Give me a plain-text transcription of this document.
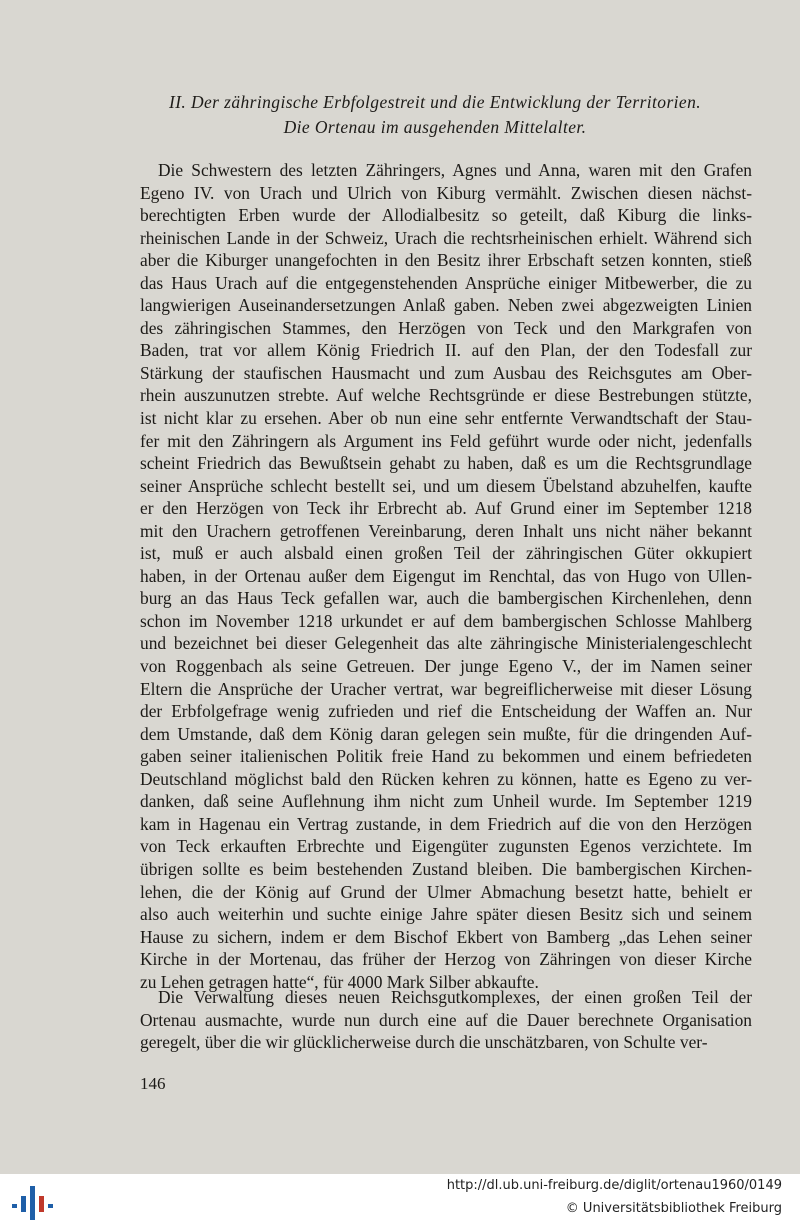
II. Der zähringische Erbfolgestreit und die Entwicklung der Territorien.
Die Ortenau im ausgehenden Mittelalter.
Die Schwestern des letzten Zähringers, Agnes und Anna, waren mit den Grafen
Egeno IV. von Urach und Ulrich von Kiburg vermählt. Zwischen diesen nächst-
berechtigten Erben wurde der Allodialbesitz so geteilt, daß Kiburg die links-
rheinischen Lande in der Schweiz, Urach die rechtsrheinischen erhielt. Während sich
aber die Kiburger unangefochten in den Besitz ihrer Erbschaft setzen konnten, stieß
das Haus Urach auf die entgegenstehenden Ansprüche einiger Mitbewerber, die zu
langwierigen Auseinandersetzungen Anlaß gaben. Neben zwei abgezweigten Linien
des zähringischen Stammes, den Herzögen von Teck und den Markgrafen von
Baden, trat vor allem König Friedrich II. auf den Plan, der den Todesfall zur
Stärkung der staufischen Hausmacht und zum Ausbau des Reichsgutes am Ober-
rhein auszunutzen strebte. Auf welche Rechtsgründe er diese Bestrebungen stützte,
ist nicht klar zu ersehen. Aber ob nun eine sehr entfernte Verwandtschaft der Stau-
fer mit den Zähringern als Argument ins Feld geführt wurde oder nicht, jedenfalls
scheint Friedrich das Bewußtsein gehabt zu haben, daß es um die Rechtsgrundlage
seiner Ansprüche schlecht bestellt sei, und um diesem Übelstand abzuhelfen, kaufte
er den Herzögen von Teck ihr Erbrecht ab. Auf Grund einer im September 1218
mit den Urachern getroffenen Vereinbarung, deren Inhalt uns nicht näher bekannt
ist, muß er auch alsbald einen großen Teil der zähringischen Güter okkupiert
haben, in der Ortenau außer dem Eigengut im Renchtal, das von Hugo von Ullen-
burg an das Haus Teck gefallen war, auch die bambergischen Kirchenlehen, denn
schon im November 1218 urkundet er auf dem bambergischen Schlosse Mahlberg
und bezeichnet bei dieser Gelegenheit das alte zähringische Ministerialengeschlecht
von Roggenbach als seine Getreuen. Der junge Egeno V., der im Namen seiner
Eltern die Ansprüche der Uracher vertrat, war begreiflicherweise mit dieser Lösung
der Erbfolgefrage wenig zufrieden und rief die Entscheidung der Waffen an. Nur
dem Umstande, daß dem König daran gelegen sein mußte, für die dringenden Auf-
gaben seiner italienischen Politik freie Hand zu bekommen und einem befriedeten
Deutschland möglichst bald den Rücken kehren zu können, hatte es Egeno zu ver-
danken, daß seine Auflehnung ihm nicht zum Unheil wurde. Im September 1219
kam in Hagenau ein Vertrag zustande, in dem Friedrich auf die von den Herzögen
von Teck erkauften Erbrechte und Eigengüter zugunsten Egenos verzichtete. Im
übrigen sollte es beim bestehenden Zustand bleiben. Die bambergischen Kirchen-
lehen, die der König auf Grund der Ulmer Abmachung besetzt hatte, behielt er
also auch weiterhin und suchte einige Jahre später diesen Besitz sich und seinem
Hause zu sichern, indem er dem Bischof Ekbert von Bamberg „das Lehen seiner
Kirche in der Mortenau, das früher der Herzog von Zähringen von dieser Kirche
zu Lehen getragen hatte“, für 4000 Mark Silber abkaufte.
Die Verwaltung dieses neuen Reichsgutkomplexes, der einen großen Teil der
Ortenau ausmachte, wurde nun durch eine auf die Dauer berechnete Organisation
geregelt, über die wir glücklicherweise durch die unschätzbaren, von Schulte ver-
146
http://dl.ub.uni-freiburg.de/diglit/ortenau1960/0149
© Universitätsbibliothek Freiburg
